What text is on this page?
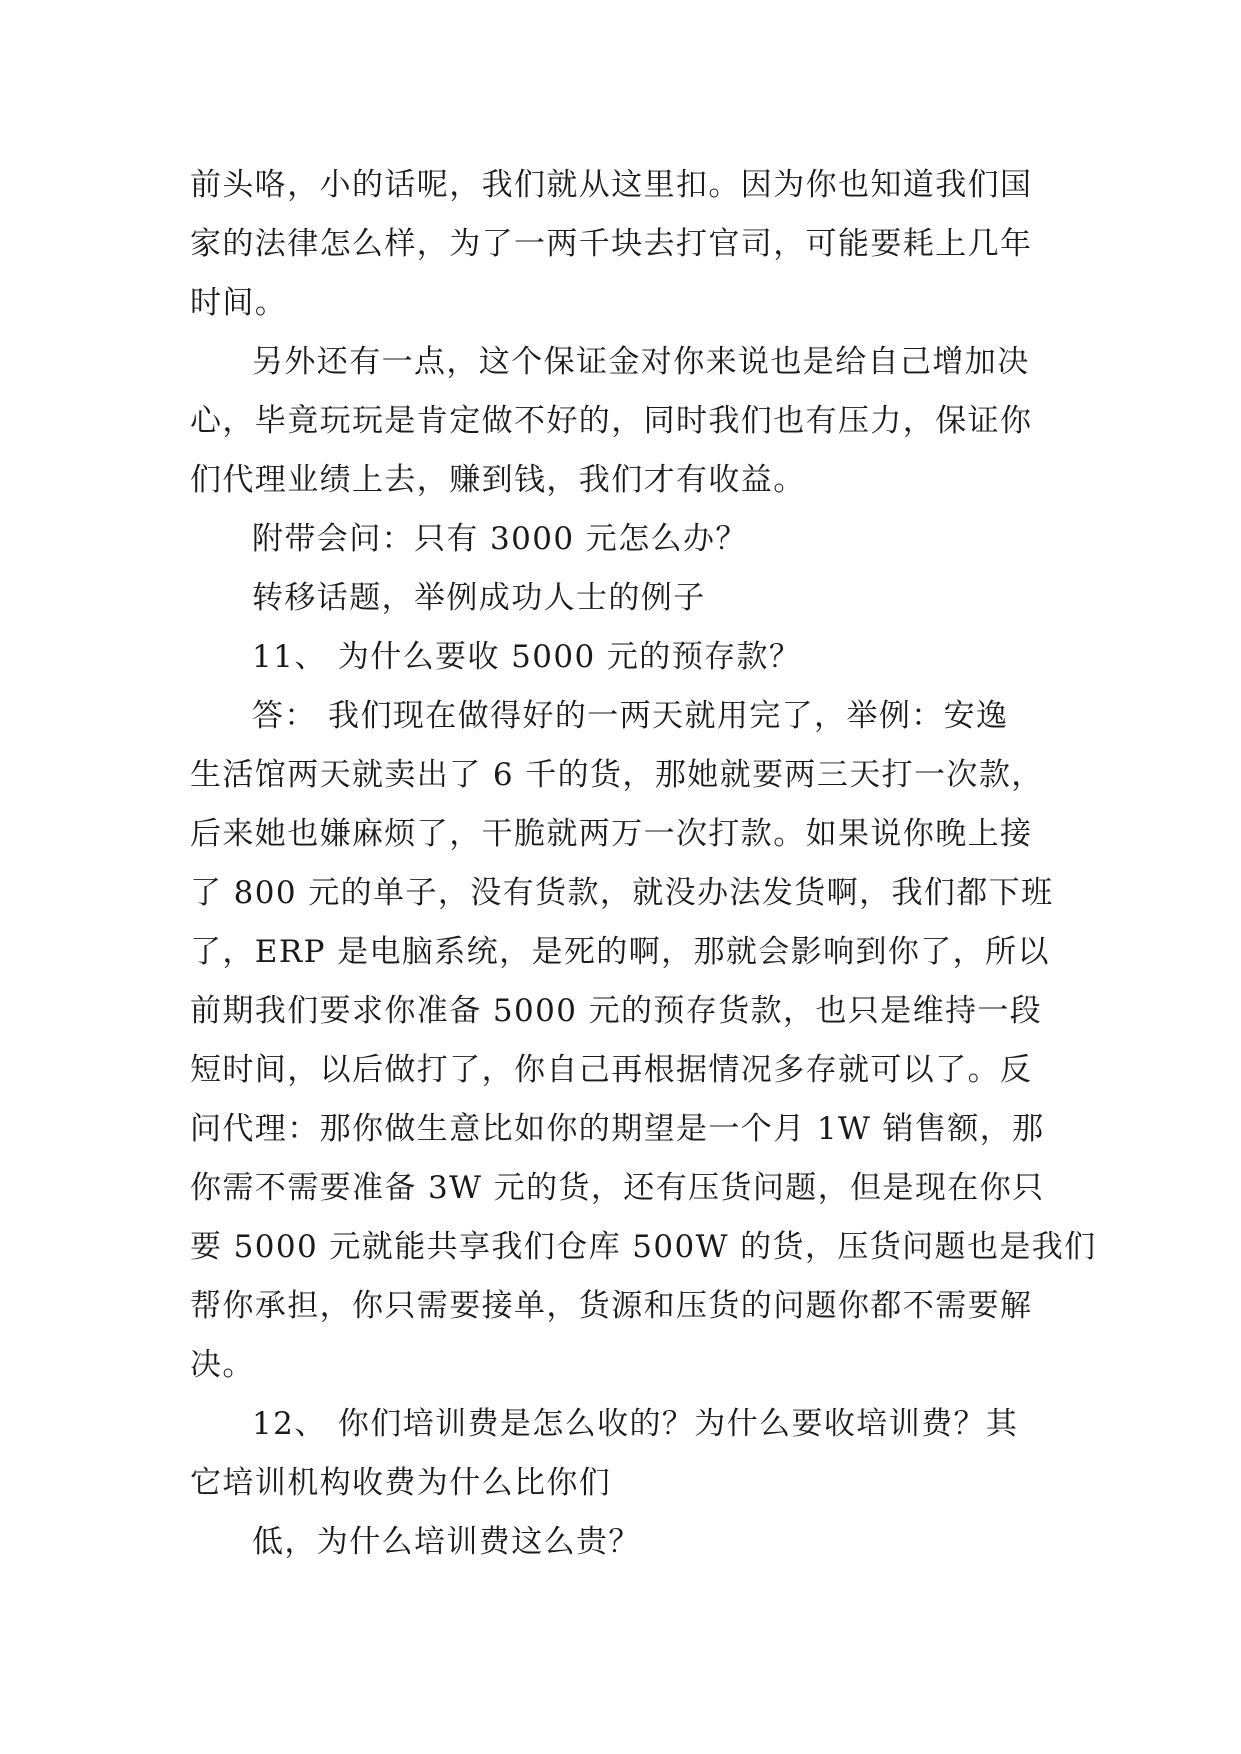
前头咯，小的话呢，我们就从这里扣。因为你也知道我们国
家的法律怎么样，为了一两千块去打官司，可能要耗上几年
时间。
另外还有一点，这个保证金对你来说也是给自己增加决
心，毕竟玩玩是肯定做不好的，同时我们也有压力，保证你
们代理业绩上去，赚到钱，我们才有收益。
附带会问：只有 3000 元怎么办？
转移话题，举例成功人士的例子
11、 为什么要收 5000 元的预存款？
答： 我们现在做得好的一两天就用完了，举例：安逸
生活馆两天就卖出了 6 千的货，那她就要两三天打一次款，
后来她也嫌麻烦了，干脆就两万一次打款。如果说你晚上接
了 800 元的单子，没有货款，就没办法发货啊，我们都下班
了，ERP 是电脑系统，是死的啊，那就会影响到你了，所以
前期我们要求你准备 5000 元的预存货款，也只是维持一段
短时间，以后做打了，你自己再根据情况多存就可以了。反
问代理：那你做生意比如你的期望是一个月 1W 销售额，那
你需不需要准备 3W 元的货，还有压货问题，但是现在你只
要 5000 元就能共享我们仓库 500W 的货，压货问题也是我们
帮你承担，你只需要接单，货源和压货的问题你都不需要解
决。
12、 你们培训费是怎么收的？为什么要收培训费？其
它培训机构收费为什么比你们
低，为什么培训费这么贵？
